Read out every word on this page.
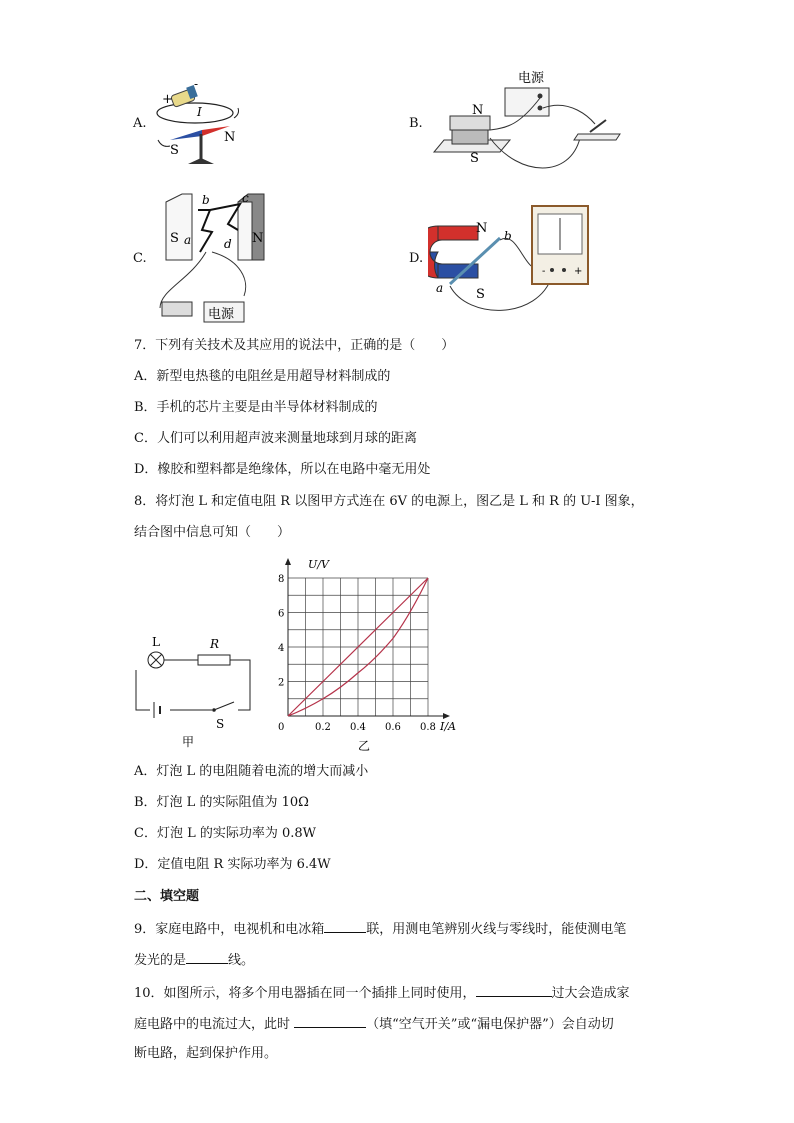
A.
+
-
I
S
N
B.
电源
N
S
C.
S	N
b	c
a	d
电源
D.
N
S
a
b
-	+
7．下列有关技术及其应用的说法中，正确的是（　　）
A．新型电热毯的电阻丝是用超导材料制成的
B．手机的芯片主要是由半导体材料制成的
C．人们可以利用超声波来测量地球到月球的距离
D．橡胶和塑料都是绝缘体，所以在电路中毫无用处
8．将灯泡 L 和定值电阻 R 以图甲方式连在 6V 的电源上，图乙是 L 和 R 的 U-I 图象，
结合图中信息可知（　　）
L	R
S
甲
0.2 0.4 0.6 0.8
2
4
6
8
0	I/A
U/V
乙
A．灯泡 L 的电阻随着电流的增大而减小
B．灯泡 L 的实际阻值为 10Ω
C．灯泡 L 的实际功率为 0.8W
D．定值电阻 R 实际功率为 6.4W
二、填空题
9．家庭电路中，电视机和电冰箱	联，用测电笔辨别火线与零线时，能使测电笔
发光的是	线。
10．如图所示，将多个用电器插在同一个插排上同时使用，	过大会造成家
庭电路中的电流过大，此时	（填“空气开关”或“漏电保护器”）会自动切
断电路，起到保护作用。
